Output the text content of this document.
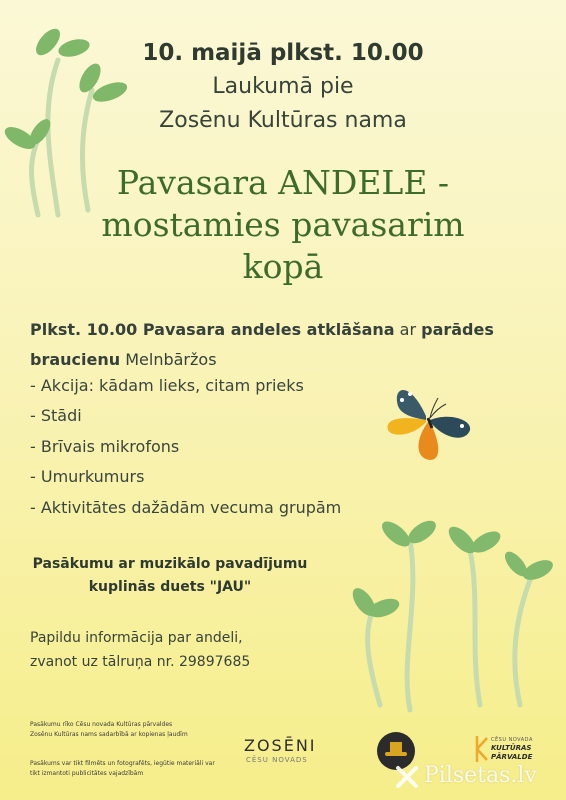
10. maijā plkst. 10.00
Laukumā pie
Zosēnu Kultūras nama
Pavasara ANDELE -
mostamies pavasarim
kopā
Plkst. 10.00 Pavasara andeles atklāšana ar parādes braucienu Melnbāržos
- Akcija: kādam lieks, citam prieks
- Stādi
- Brīvais mikrofons
- Umurkumurs
- Aktivitātes dažādām vecuma grupām
Pasākumu ar muzikālo pavadījumu
kuplinās duets "JAU"
Papildu informācija par andeli,
zvanot uz tālruņa nr. 29897685
Pasākumu rīko Cēsu novada Kultūras pārvaldes
Zosēnu Kultūras nams sadarbībā ar kopienas ļaudīm
Pasākums var tikt filmēts un fotografēts, iegūtie materiāli var
tikt izmantoti publicitātes vajadzībām
ZOSĒNI
CĒSU NOVADS
CĒSU NOVADA
KULTŪRAS
PĀRVALDE
Pilsetas.lv
